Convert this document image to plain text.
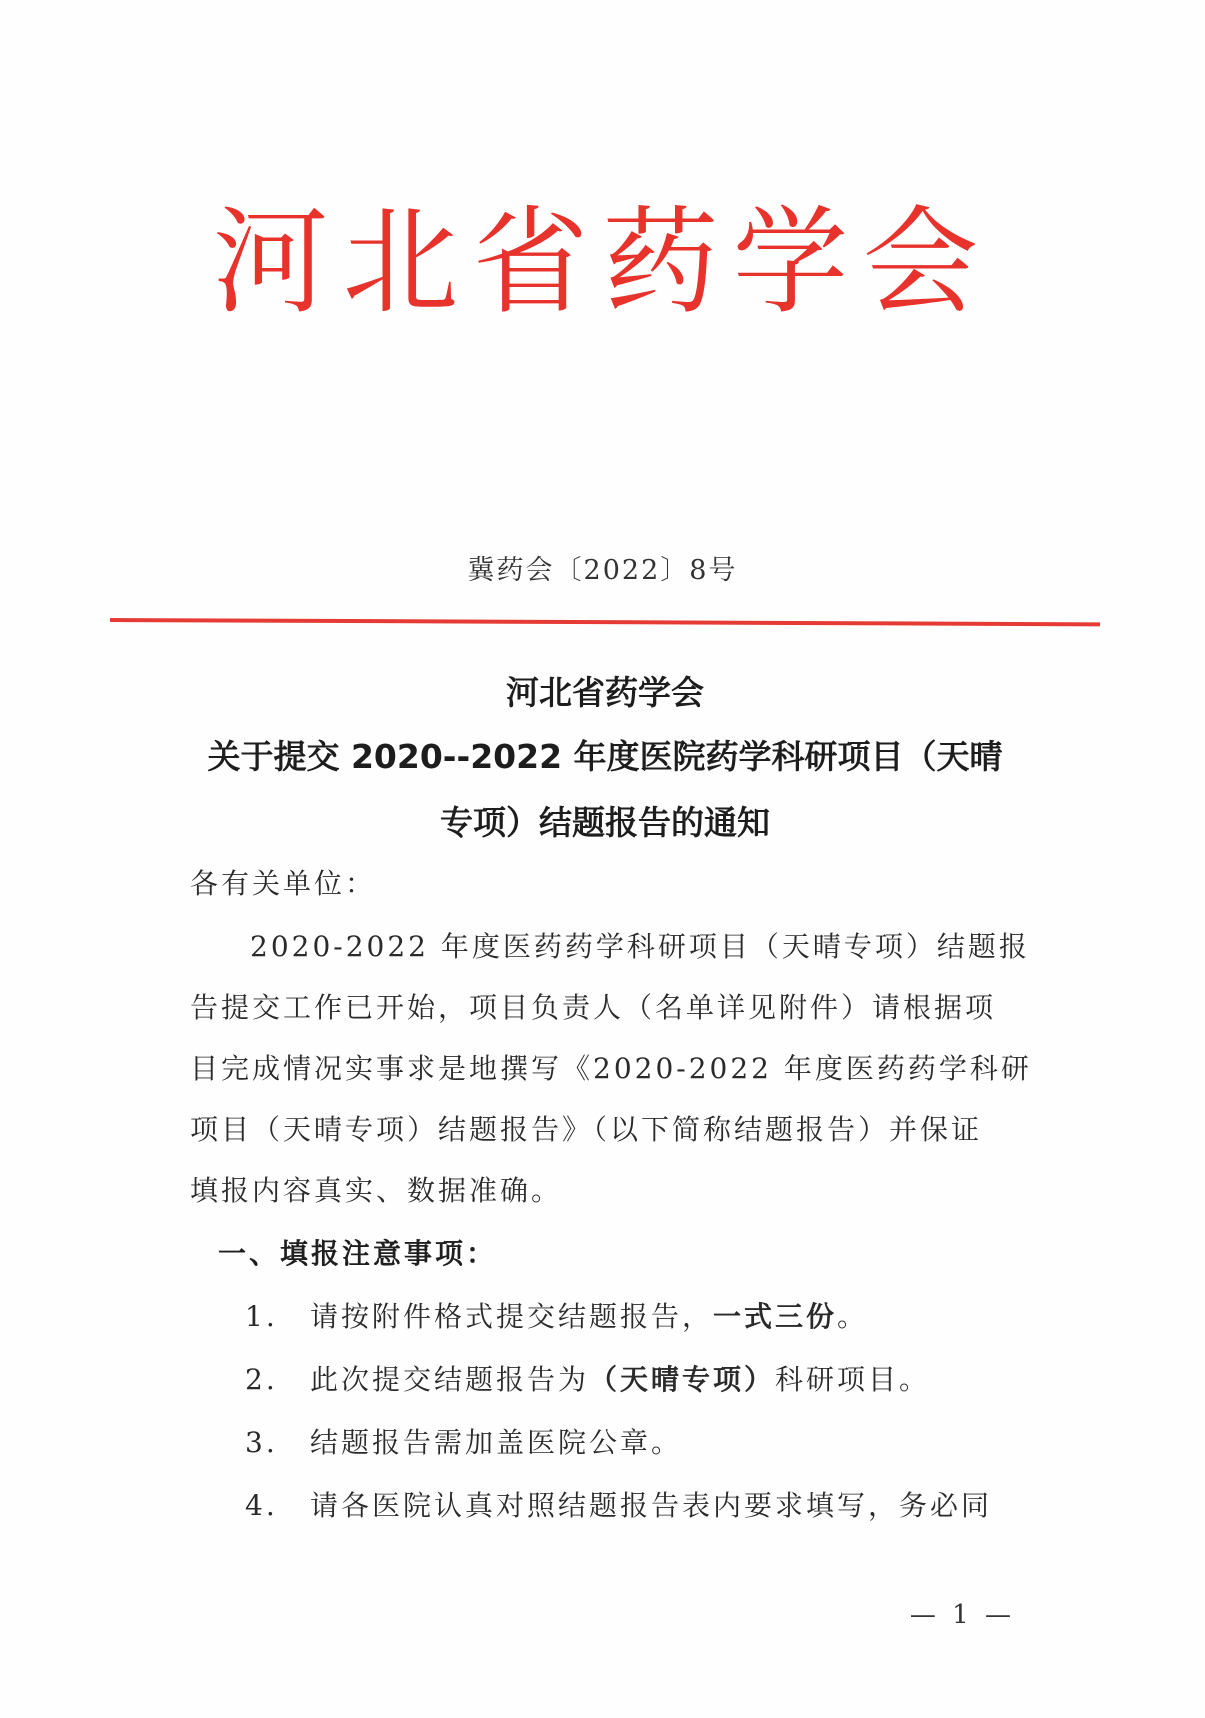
河北省药学会
冀药会〔2022〕8号
河北省药学会
关于提交 2020--2022 年度医院药学科研项目（天晴
专项）结题报告的通知
各有关单位：
2020-2022 年度医药药学科研项目（天晴专项）结题报
告提交工作已开始，项目负责人（名单详见附件）请根据项
目完成情况实事求是地撰写《2020-2022 年度医药药学科研
项目（天晴专项）结题报告》（以下简称结题报告）并保证
填报内容真实、数据准确。
一、填报注意事项：
1. 请按附件格式提交结题报告，一式三份。
2. 此次提交结题报告为（天晴专项）科研项目。
3. 结题报告需加盖医院公章。
4. 请各医院认真对照结题报告表内要求填写，务必同
— 1 —
